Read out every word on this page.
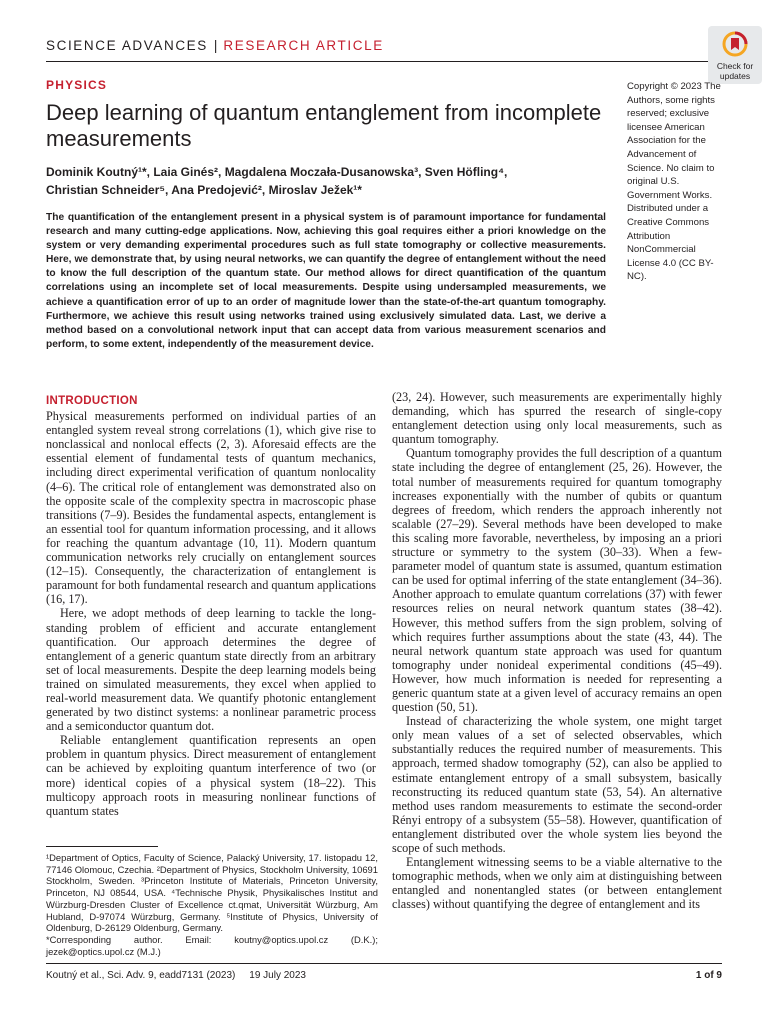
SCIENCE ADVANCES | RESEARCH ARTICLE
Check for
updates
PHYSICS
Deep learning of quantum entanglement from incomplete measurements
Dominik Koutný¹*, Laia Ginés², Magdalena Moczała-Dusanowska³, Sven Höfling⁴,
Christian Schneider⁵, Ana Predojević², Miroslav Ježek¹*
The quantification of the entanglement present in a physical system is of paramount importance for fundamental research and many cutting-edge applications. Now, achieving this goal requires either a priori knowledge on the system or very demanding experimental procedures such as full state tomography or collective measurements. Here, we demonstrate that, by using neural networks, we can quantify the degree of entanglement without the need to know the full description of the quantum state. Our method allows for direct quantification of the quantum correlations using an incomplete set of local measurements. Despite using undersampled measurements, we achieve a quantification error of up to an order of magnitude lower than the state-of-the-art quantum tomography. Furthermore, we achieve this result using networks trained using exclusively simulated data. Last, we derive a method based on a convolutional network input that can accept data from various measurement scenarios and perform, to some extent, independently of the measurement device.
Copyright © 2023 The Authors, some rights reserved; exclusive licensee American Association for the Advancement of Science. No claim to original U.S. Government Works. Distributed under a Creative Commons Attribution NonCommercial License 4.0 (CC BY-NC).
INTRODUCTION

Physical measurements performed on individual parties of an entangled system reveal strong correlations (1), which give rise to nonclassical and nonlocal effects (2, 3). Aforesaid effects are the essential element of fundamental tests of quantum mechanics, including direct experimental verification of quantum nonlocality (4–6). The critical role of entanglement was demonstrated also on the opposite scale of the complexity spectra in macroscopic phase transitions (7–9). Besides the fundamental aspects, entanglement is an essential tool for quantum information processing, and it allows for reaching the quantum advantage (10, 11). Modern quantum communication networks rely crucially on entanglement sources (12–15). Consequently, the characterization of entanglement is paramount for both fundamental research and quantum applications (16, 17).

Here, we adopt methods of deep learning to tackle the long-standing problem of efficient and accurate entanglement quantification. Our approach determines the degree of entanglement of a generic quantum state directly from an arbitrary set of local measurements. Despite the deep learning models being trained on simulated measurements, they excel when applied to real-world measurement data. We quantify photonic entanglement generated by two distinct systems: a nonlinear parametric process and a semiconductor quantum dot.

Reliable entanglement quantification represents an open problem in quantum physics. Direct measurement of entanglement can be achieved by exploiting quantum interference of two (or more) identical copies of a physical system (18–22). This multicopy approach roots in measuring nonlinear functions of quantum states

(23, 24). However, such measurements are experimentally highly demanding, which has spurred the research of single-copy entanglement detection using only local measurements, such as quantum tomography.

Quantum tomography provides the full description of a quantum state including the degree of entanglement (25, 26). However, the total number of measurements required for quantum tomography increases exponentially with the number of qubits or quantum degrees of freedom, which renders the approach inherently not scalable (27–29). Several methods have been developed to make this scaling more favorable, nevertheless, by imposing an a priori structure or symmetry to the system (30–33). When a few-parameter model of quantum state is assumed, quantum estimation can be used for optimal inferring of the state entanglement (34–36). Another approach to emulate quantum correlations (37) with fewer resources relies on neural network quantum states (38–42). However, this method suffers from the sign problem, solving of which requires further assumptions about the state (43, 44). The neural network quantum state approach was used for quantum tomography under nonideal experimental conditions (45–49). However, how much information is needed for representing a generic quantum state at a given level of accuracy remains an open question (50, 51).

Instead of characterizing the whole system, one might target only mean values of a set of selected observables, which substantially reduces the required number of measurements. This approach, termed shadow tomography (52), can also be applied to estimate entanglement entropy of a small subsystem, basically reconstructing its reduced quantum state (53, 54). An alternative method uses random measurements to estimate the second-order Rényi entropy of a subsystem (55–58). However, quantification of entanglement distributed over the whole system lies beyond the scope of such methods.

Entanglement witnessing seems to be a viable alternative to the tomographic methods, when we only aim at distinguishing between entangled and nonentangled states (or between entanglement classes) without quantifying the degree of entanglement and its

¹Department of Optics, Faculty of Science, Palacký University, 17. listopadu 12, 77146 Olomouc, Czechia. ²Department of Physics, Stockholm University, 10691 Stockholm, Sweden. ³Princeton Institute of Materials, Princeton University, Princeton, NJ 08544, USA. ⁴Technische Physik, Physikalisches Institut and Würzburg-Dresden Cluster of Excellence ct.qmat, Universität Würzburg, Am Hubland, D-97074 Würzburg, Germany. ⁵Institute of Physics, University of Oldenburg, D-26129 Oldenburg, Germany.

*Corresponding author. Email: koutny@optics.upol.cz (D.K.); jezek@optics.upol.cz (M.J.)

Koutný et al., Sci. Adv. 9, eadd7131 (2023)     19 July 2023	1 of 9
